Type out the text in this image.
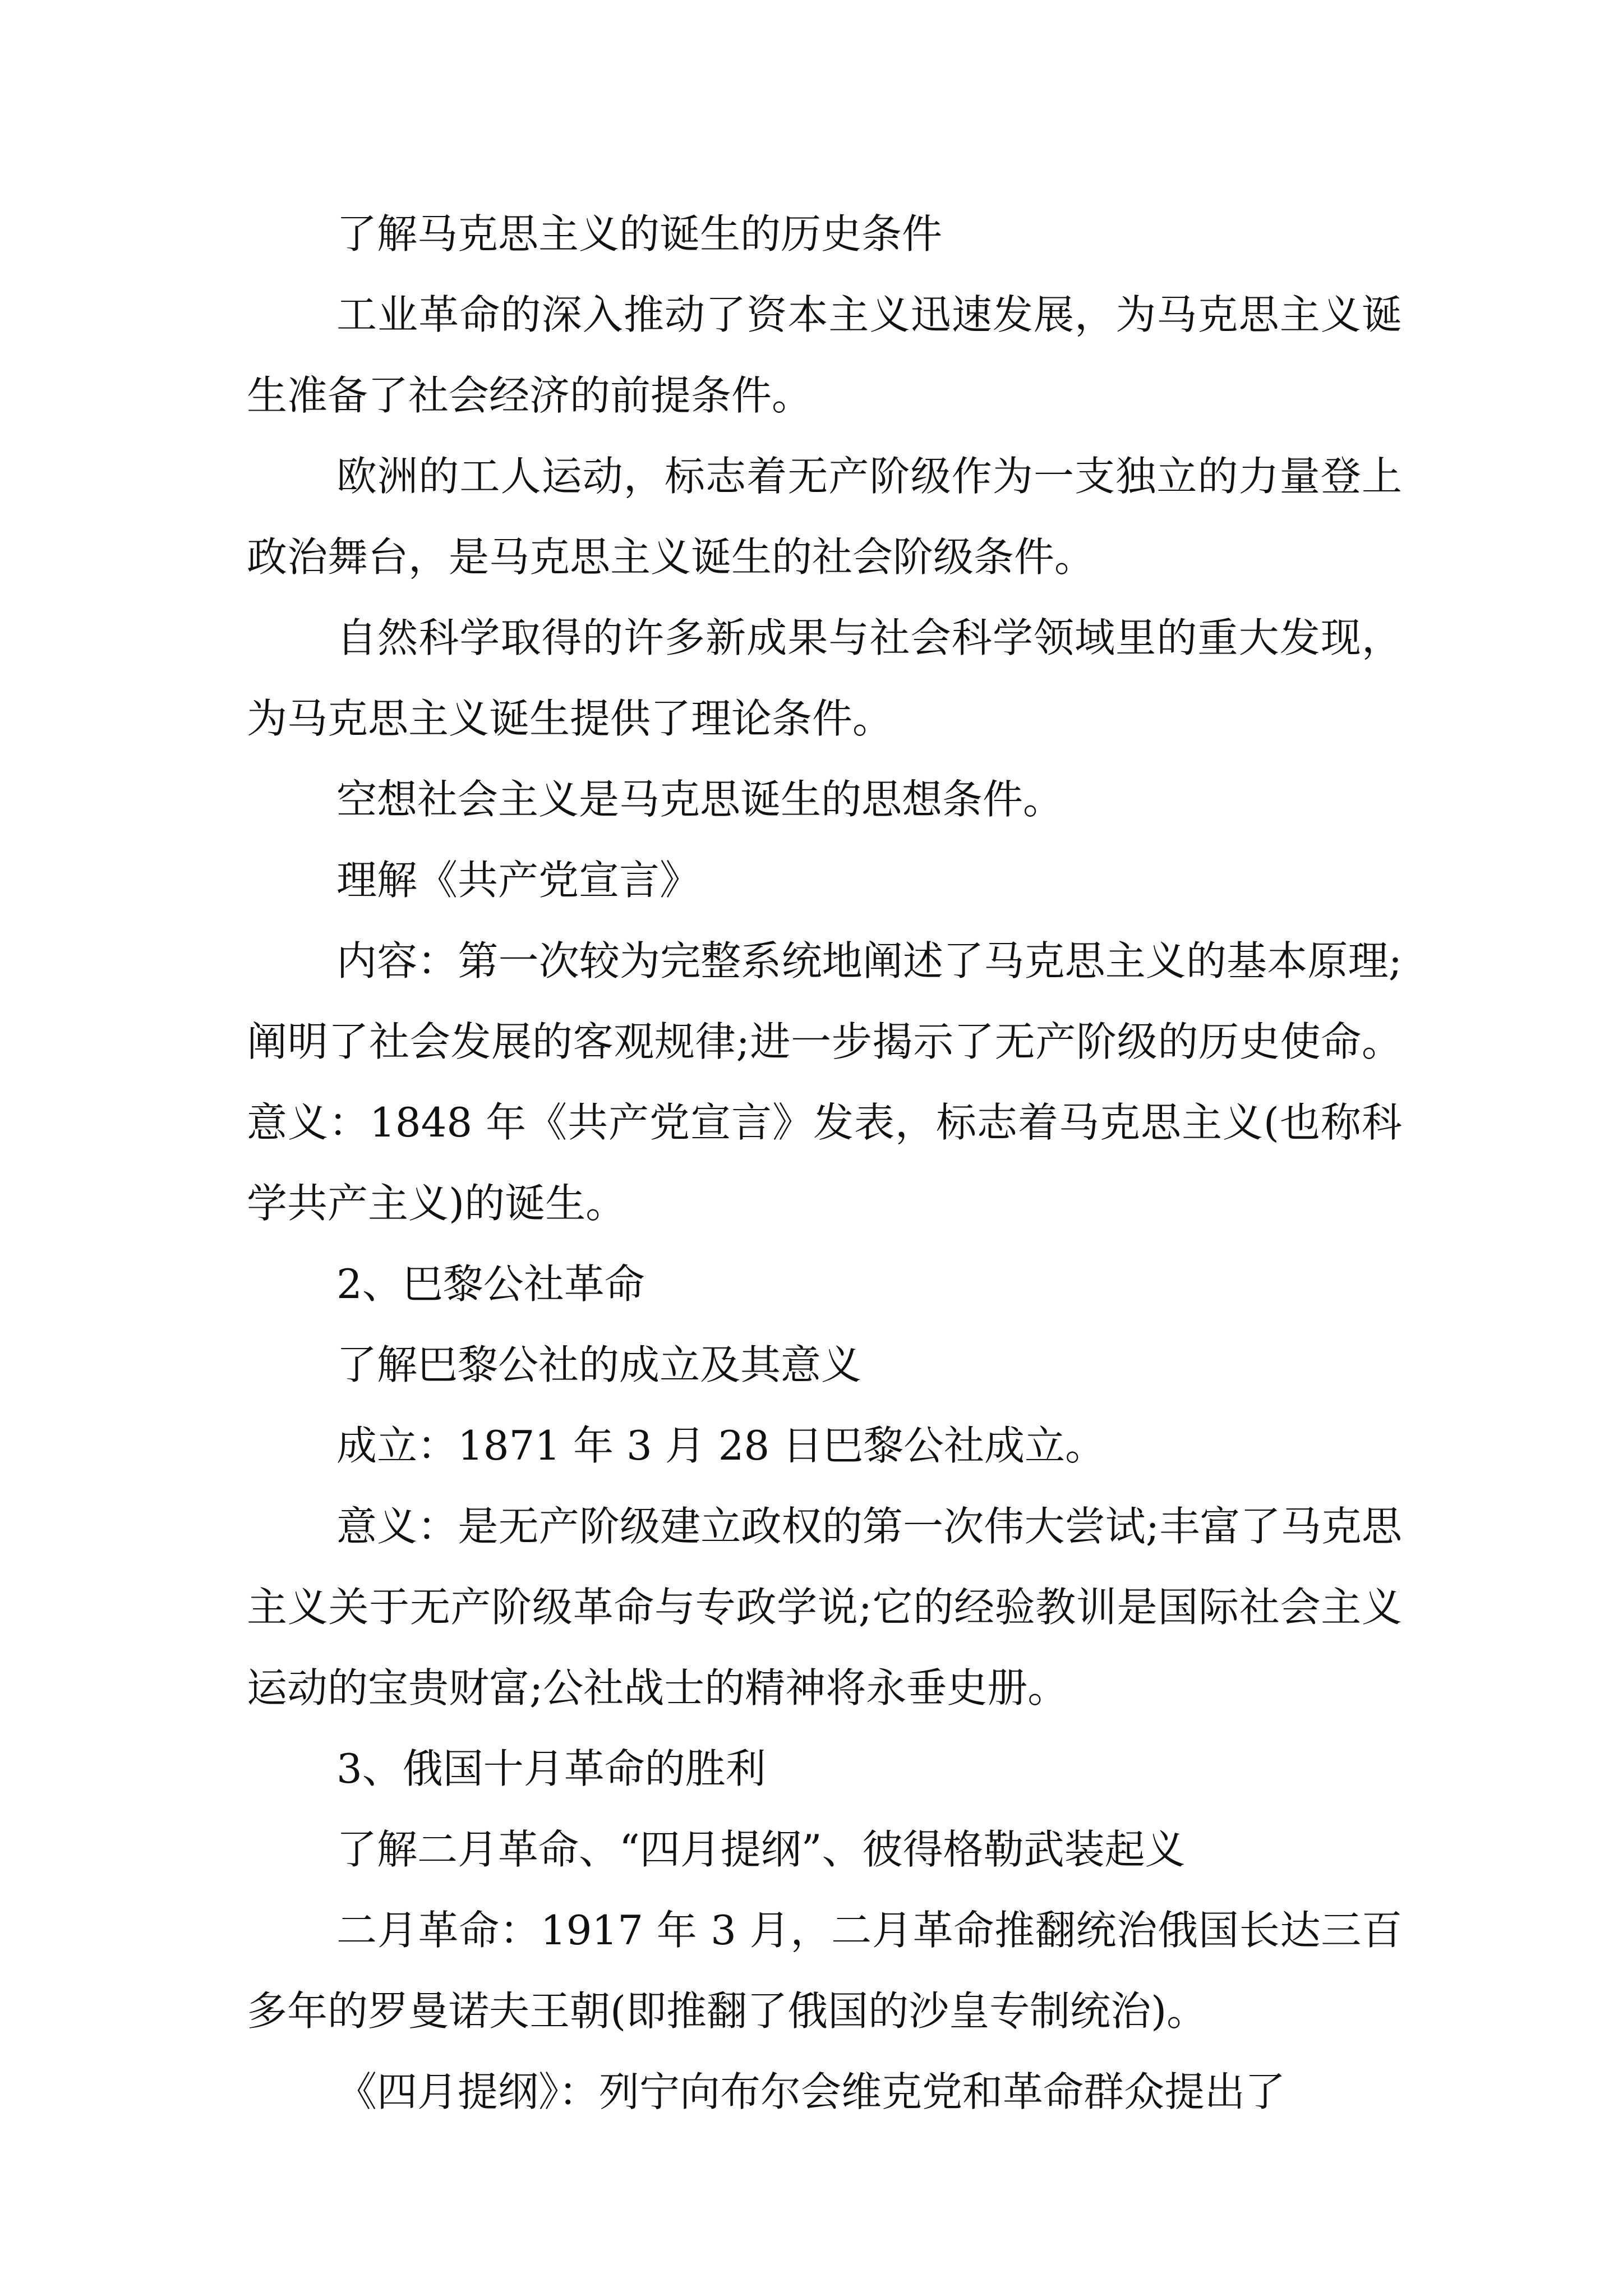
了解马克思主义的诞生的历史条件

工业革命的深入推动了资本主义迅速发展，为马克思主义诞生准备了社会经济的前提条件。

欧洲的工人运动，标志着无产阶级作为一支独立的力量登上政治舞台，是马克思主义诞生的社会阶级条件。

自然科学取得的许多新成果与社会科学领域里的重大发现，为马克思主义诞生提供了理论条件。

空想社会主义是马克思诞生的思想条件。

理解《共产党宣言》

内容：第一次较为完整系统地阐述了马克思主义的基本原理;阐明了社会发展的客观规律;进一步揭示了无产阶级的历史使命。意义：1848 年《共产党宣言》发表，标志着马克思主义(也称科学共产主义)的诞生。

2、巴黎公社革命

了解巴黎公社的成立及其意义

成立：1871 年 3 月 28 日巴黎公社成立。

意义：是无产阶级建立政权的第一次伟大尝试;丰富了马克思主义关于无产阶级革命与专政学说;它的经验教训是国际社会主义运动的宝贵财富;公社战士的精神将永垂史册。

3、俄国十月革命的胜利

了解二月革命、“四月提纲”、彼得格勒武装起义

二月革命：1917 年 3 月，二月革命推翻统治俄国长达三百多年的罗曼诺夫王朝(即推翻了俄国的沙皇专制统治)。

《四月提纲》：列宁向布尔会维克党和革命群众提出了
